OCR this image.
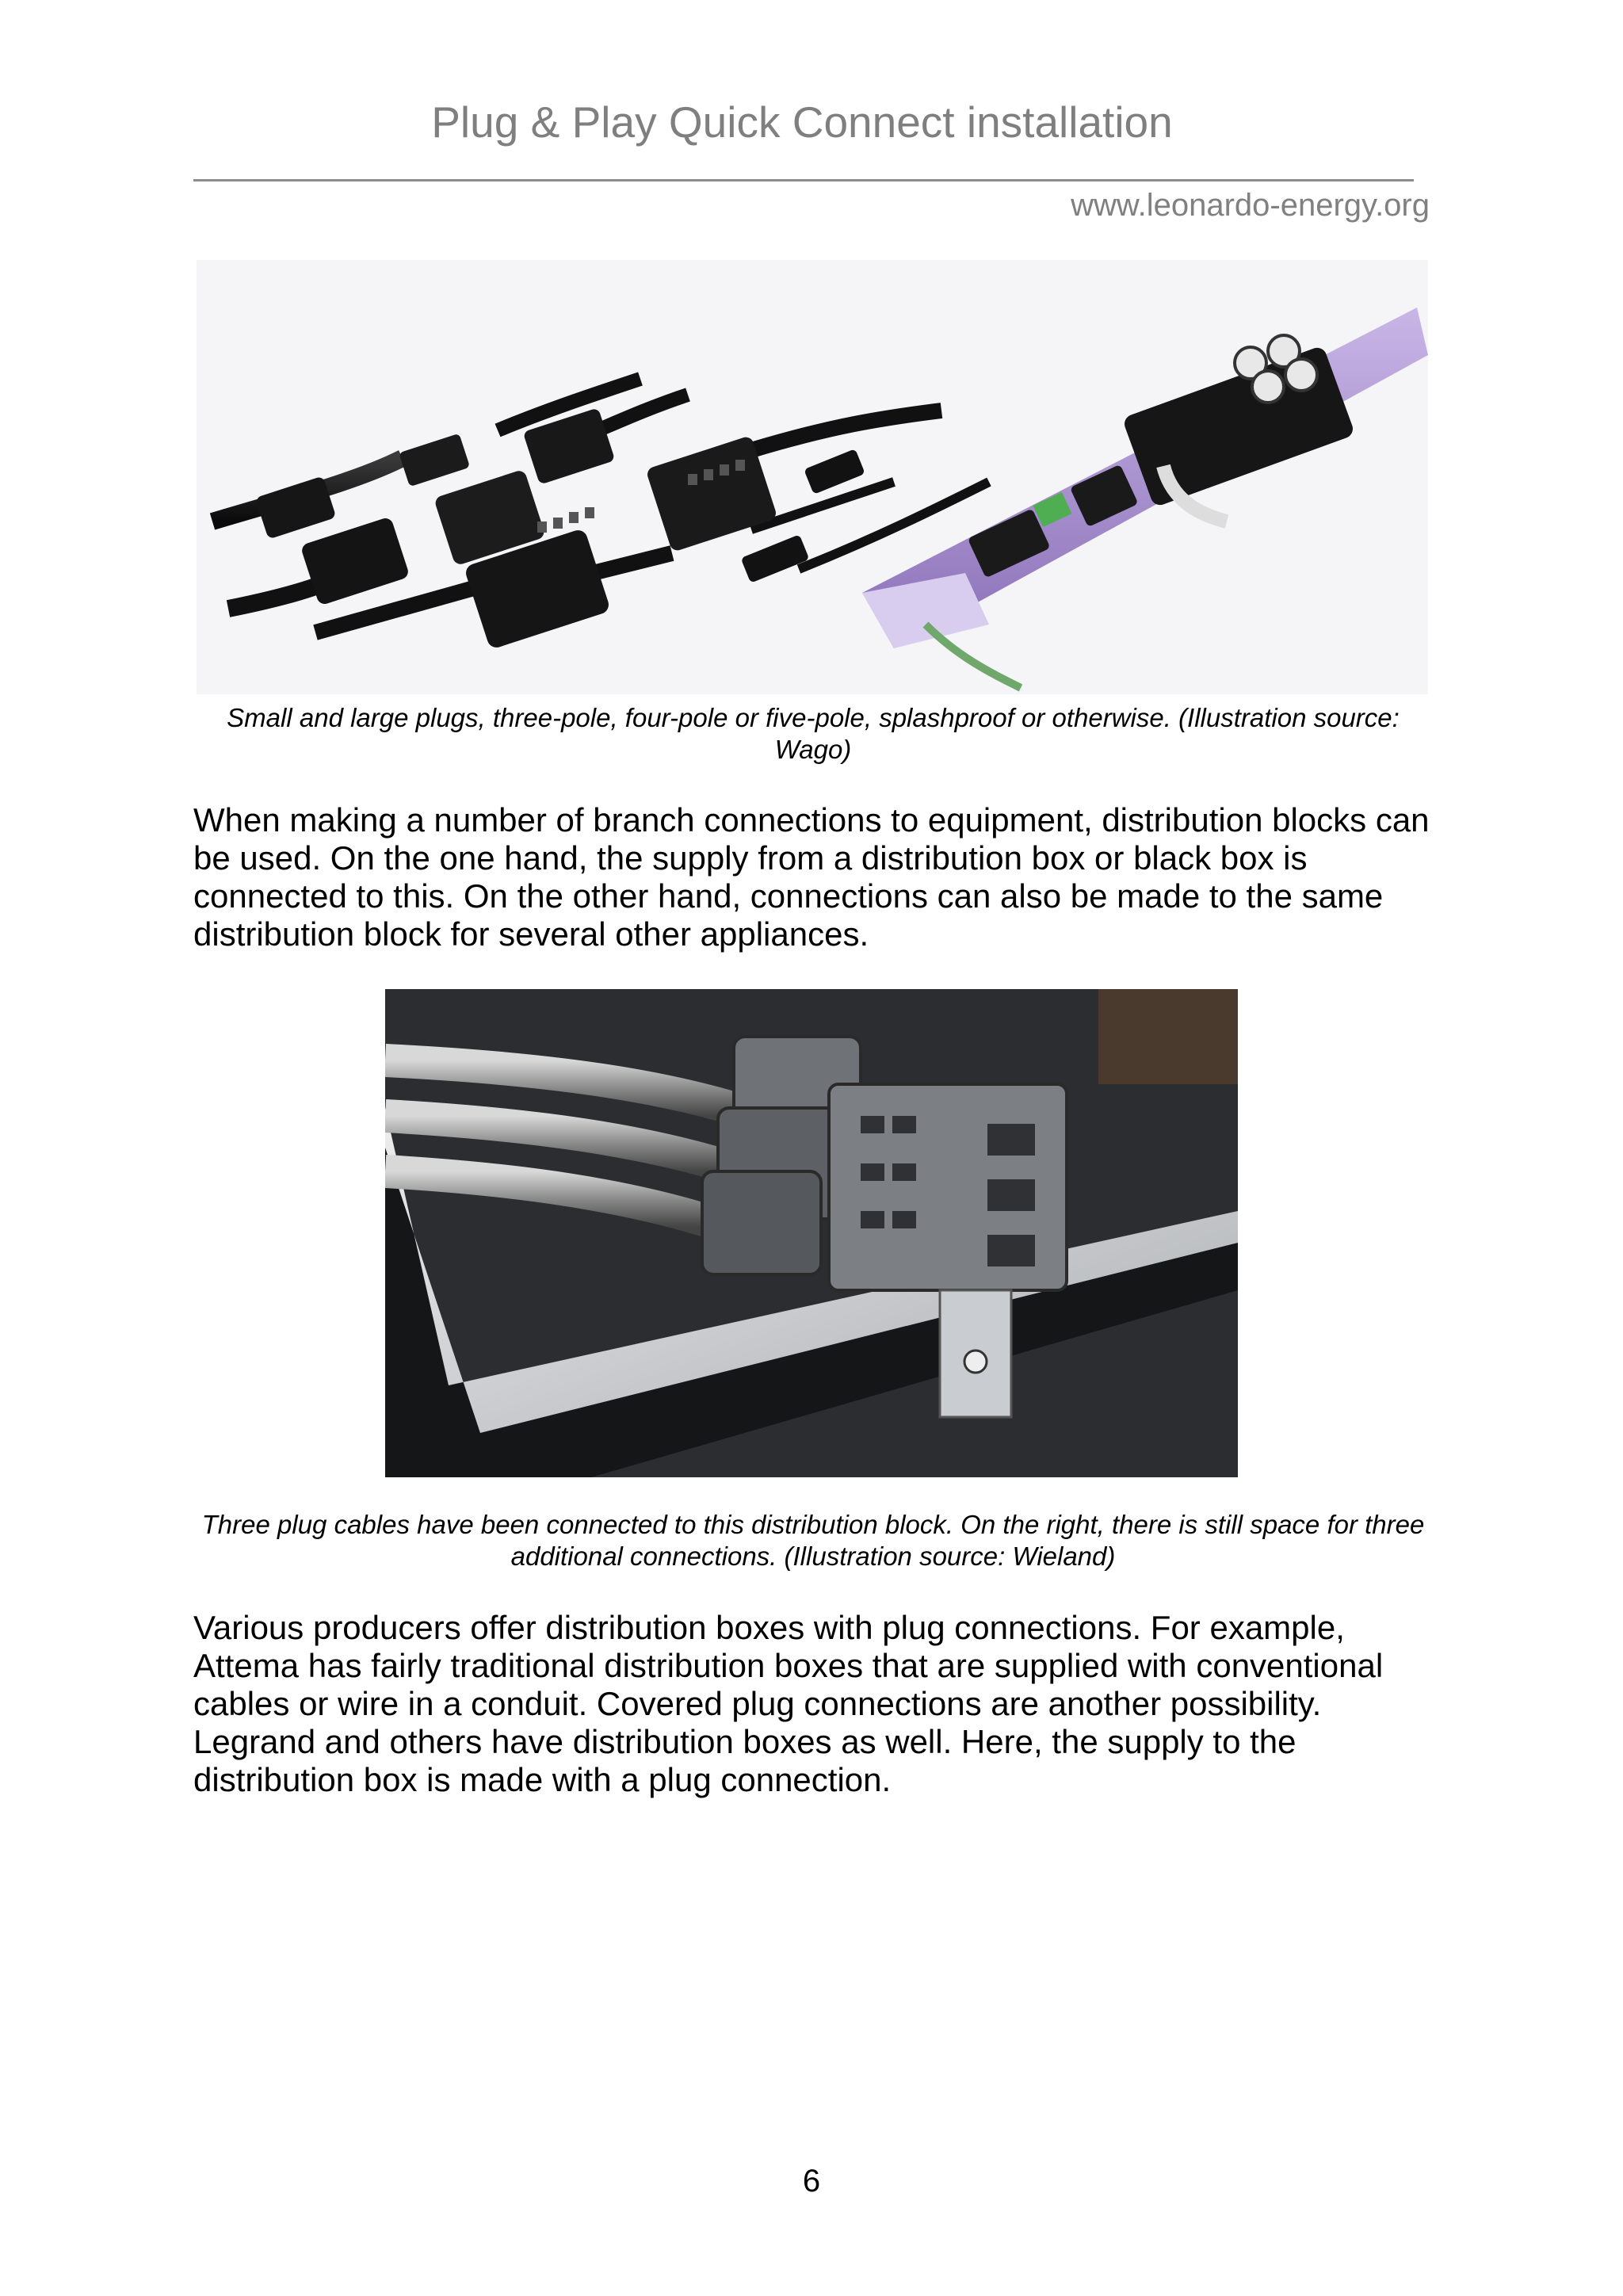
Plug & Play Quick Connect installation
www.leonardo-energy.org
Small and large plugs, three-pole, four-pole or five-pole, splashproof or otherwise. (Illustration source: Wago)

When making a number of branch connections to equipment, distribution blocks can be used. On the one hand, the supply from a distribution box or black box is connected to this. On the other hand, connections can also be made to the same distribution block for several other appliances.

Three plug cables have been connected to this distribution block. On the right, there is still space for three additional connections. (Illustration source: Wieland)

Various producers offer distribution boxes with plug connections. For example, Attema has fairly traditional distribution boxes that are supplied with conventional cables or wire in a conduit. Covered plug connections are another possibility. Legrand and others have distribution boxes as well. Here, the supply to the distribution box is made with a plug connection.

6
